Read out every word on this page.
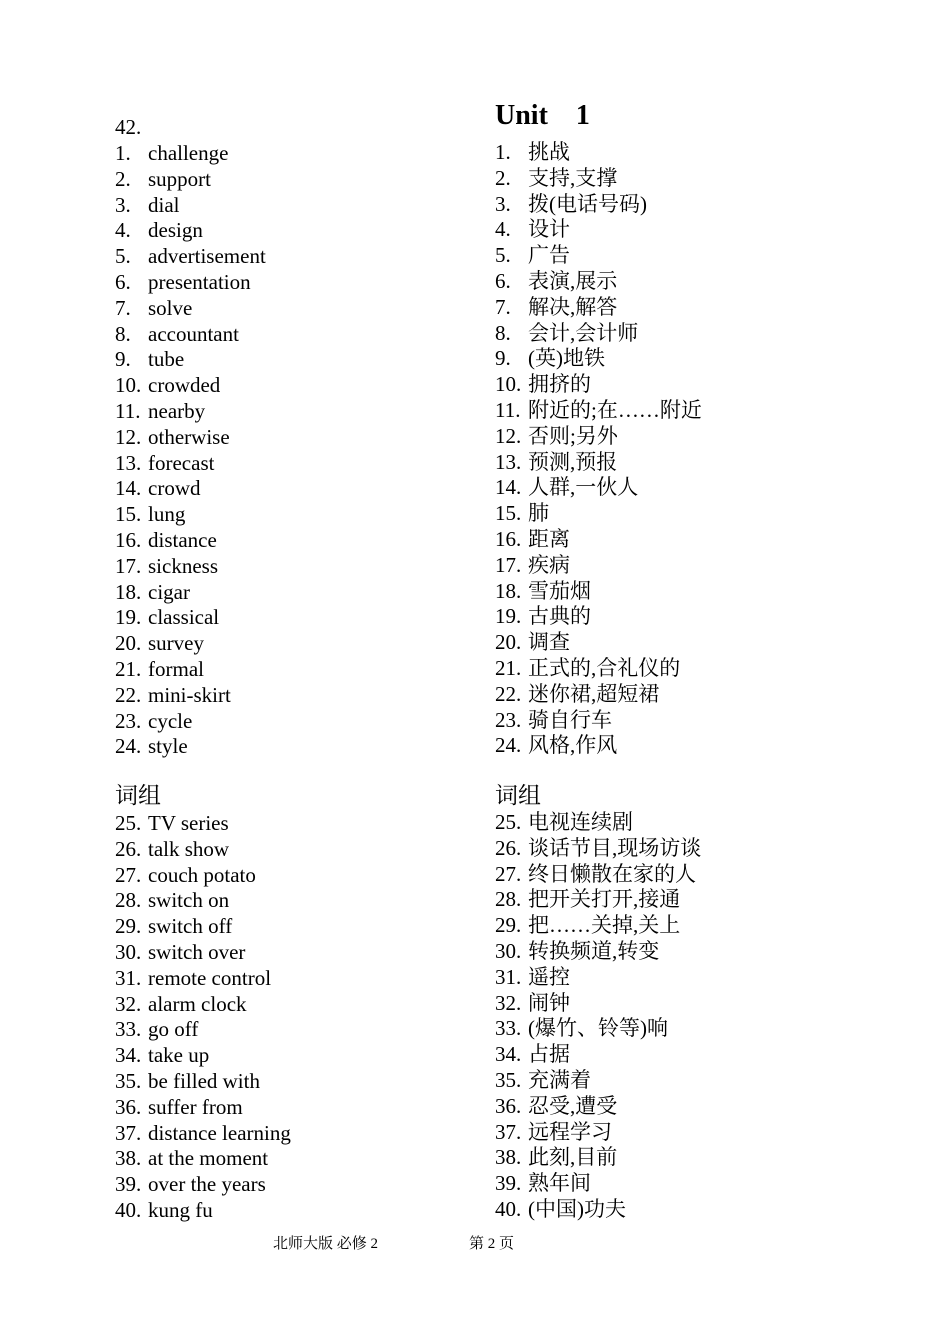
42.
1. challenge
2. support
3. dial
4. design
5. advertisement
6. presentation
7. solve
8. accountant
9. tube
10. crowded
11. nearby
12. otherwise
13. forecast
14. crowd
15. lung
16. distance
17. sickness
18. cigar
19. classical
20. survey
21. formal
22. mini-skirt
23. cycle
24. style
词组
25. TV series
26. talk show
27. couch potato
28. switch on
29. switch off
30. switch over
31. remote control
32. alarm clock
33. go off
34. take up
35. be filled with
36. suffer from
37. distance learning
38. at the moment
39. over the years
40. kung fu
Unit    1
1. 挑战
2. 支持,支撑
3. 拨(电话号码)
4. 设计
5. 广告
6. 表演,展示
7. 解决,解答
8. 会计,会计师
9. (英)地铁
10. 拥挤的
11. 附近的;在……附近
12. 否则;另外
13. 预测,预报
14. 人群,一伙人
15. 肺
16. 距离
17. 疾病
18. 雪茄烟
19. 古典的
20. 调查
21. 正式的,合礼仪的
22. 迷你裙,超短裙
23. 骑自行车
24. 风格,作风
词组
25. 电视连续剧
26. 谈话节目,现场访谈
27. 终日懒散在家的人
28. 把开关打开,接通
29. 把……关掉,关上
30. 转换频道,转变
31. 遥控
32. 闹钟
33. (爆竹、铃等)响
34. 占据
35. 充满着
36. 忍受,遭受
37. 远程学习
38. 此刻,目前
39. 熟年间
40. (中国)功夫
北师大版 必修 2	第 2 页
